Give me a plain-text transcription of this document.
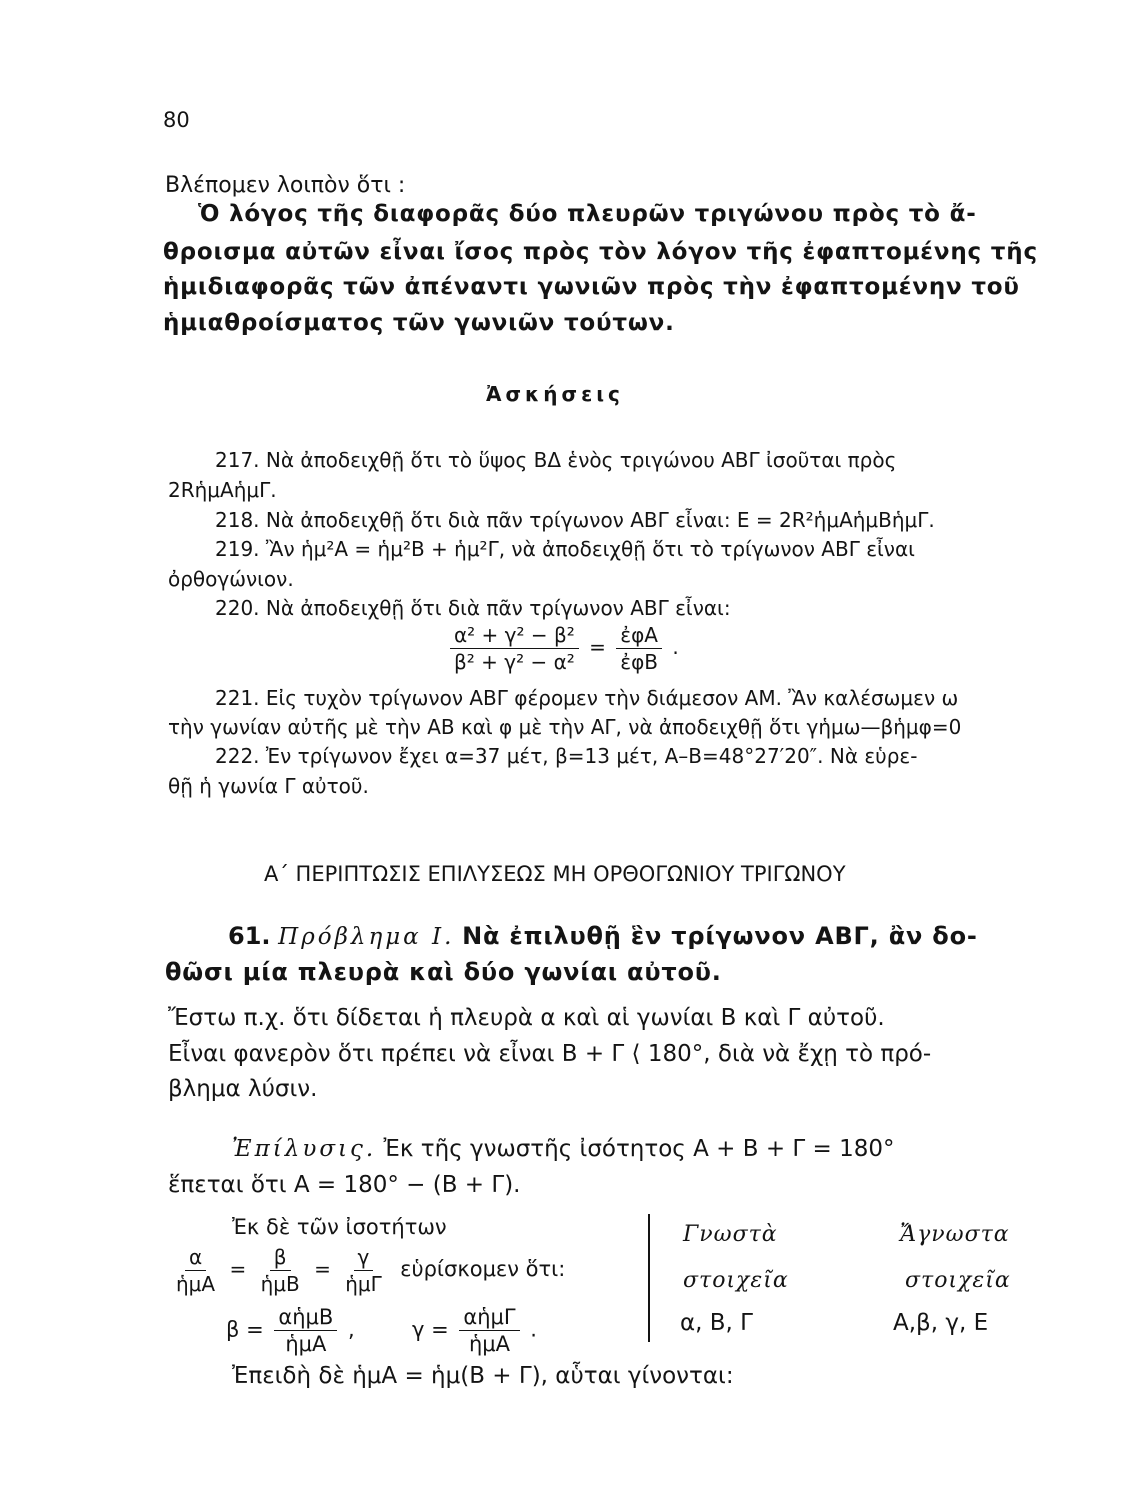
80
Βλέπομεν λοιπὸν ὅτι :
Ὁ λόγος τῆς διαφορᾶς δύο πλευρῶν τριγώνου πρὸς τὸ ἄ-
θροισμα αὐτῶν εἶναι ἴσος πρὸς τὸν λόγον τῆς ἐφαπτομένης τῆς
ἡμιδιαφορᾶς τῶν ἀπέναντι γωνιῶν πρὸς τὴν ἐφαπτομένην τοῦ
ἡμιαθροίσματος τῶν γωνιῶν τούτων.
Ἀσκήσεις
217. Νὰ ἀποδειχθῇ ὅτι τὸ ὕψος ΒΔ ἑνὸς τριγώνου ΑΒΓ ἰσοῦται πρὸς
2RἡμΑἡμΓ.
218. Νὰ ἀποδειχθῇ ὅτι διὰ πᾶν τρίγωνον ΑΒΓ εἶναι: Ε = 2R²ἡμΑἡμΒἡμΓ.
219. Ἂν ἡμ²Α = ἡμ²Β + ἡμ²Γ, νὰ ἀποδειχθῇ ὅτι τὸ τρίγωνον ΑΒΓ εἶναι
ὀρθογώνιον.
220. Νὰ ἀποδειχθῇ ὅτι διὰ πᾶν τρίγωνον ΑΒΓ εἶναι:
$\frac{\text{α² + γ² − β²}}{\text{β² + γ² − α²}} = \frac{\text{ἐφΑ}}{\text{ἐφΒ}}$ .
221. Εἰς τυχὸν τρίγωνον ΑΒΓ φέρομεν τὴν διάμεσον ΑΜ. Ἂν καλέσωμεν ω
τὴν γωνίαν αὐτῆς μὲ τὴν ΑΒ καὶ φ μὲ τὴν ΑΓ, νὰ ἀποδειχθῇ ὅτι γἡμω—βἡμφ=0
222. Ἐν τρίγωνον ἔχει α=37 μέτ, β=13 μέτ, Α–Β=48°27′20″. Νὰ εὑρε-
θῇ ἡ γωνία Γ αὐτοῦ.
Α΄ ΠΕΡΙΠΤΩΣΙΣ ΕΠΙΛΥΣΕΩΣ ΜΗ ΟΡΘΟΓΩΝΙΟΥ ΤΡΙΓΩΝΟΥ
61. Πρόβλημα Ι. Νὰ ἐπιλυθῇ ἓν τρίγωνον ΑΒΓ, ἂν δο-
θῶσι μία πλευρὰ καὶ δύο γωνίαι αὐτοῦ.
Ἔστω π.χ. ὅτι δίδεται ἡ πλευρὰ α καὶ αἱ γωνίαι Β καὶ Γ αὐτοῦ.
Εἶναι φανερὸν ὅτι πρέπει νὰ εἶναι Β + Γ ⟨ 180°, διὰ νὰ ἔχῃ τὸ πρό-
βλημα λύσιν.
Ἐπίλυσις. Ἐκ τῆς γνωστῆς ἰσότητος Α + Β + Γ = 180°
ἕπεται ὅτι Α = 180° − (Β + Γ).
Ἐκ δὲ τῶν ἰσοτήτων
$\frac{\alpha}{\text{ἡμΑ}} = \frac{\beta}{\text{ἡμΒ}} = \frac{\gamma}{\text{ἡμΓ}}$ εὑρίσκομεν ὅτι:
$\beta = \frac{\text{αἡμΒ}}{\text{ἡμΑ}}$ ,	$\gamma = \frac{\text{αἡμΓ}}{\text{ἡμΑ}}$ .
Γνωστὰ	Ἄγνωστα
στοιχεῖα	στοιχεῖα
α, Β, Γ	Α,β, γ, Ε
Ἐπειδὴ δὲ ἡμΑ = ἡμ(Β + Γ), αὗται γίνονται:
